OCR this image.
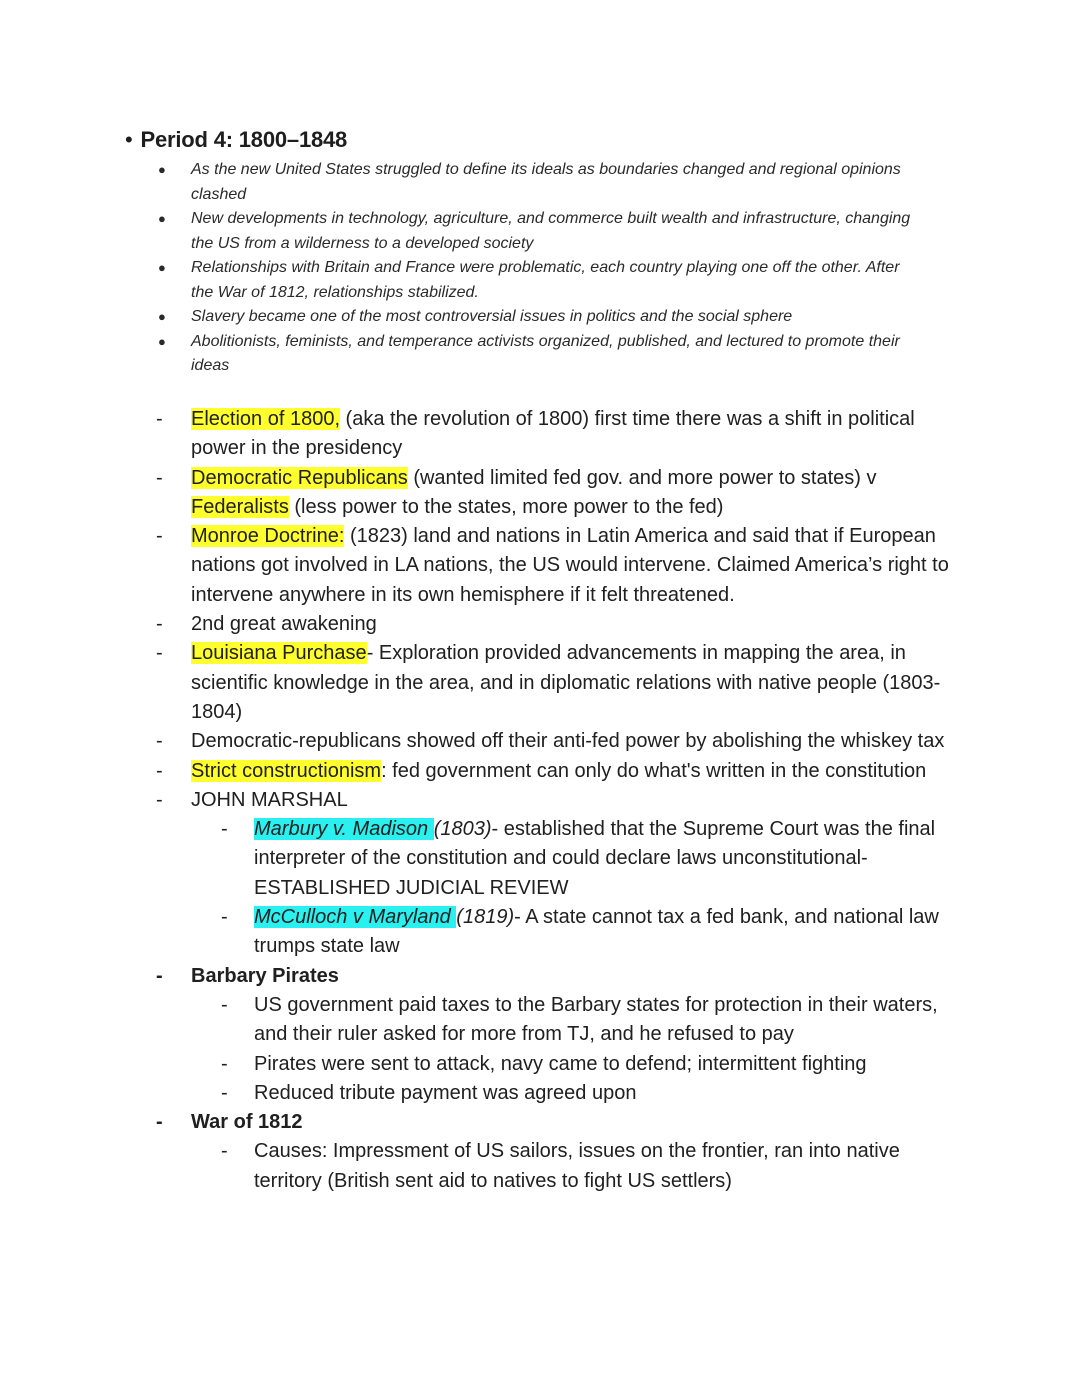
• Period 4: 1800–1848
● As the new United States struggled to define its ideals as boundaries changed and regional opinions clashed
● New developments in technology, agriculture, and commerce built wealth and infrastructure, changing the US from a wilderness to a developed society
● Relationships with Britain and France were problematic, each country playing one off the other. After the War of 1812, relationships stabilized.
● Slavery became one of the most controversial issues in politics and the social sphere
● Abolitionists, feminists, and temperance activists organized, published, and lectured to promote their ideas
- Election of 1800, (aka the revolution of 1800) first time there was a shift in political power in the presidency
- Democratic Republicans (wanted limited fed gov. and more power to states) v Federalists (less power to the states, more power to the fed)
- Monroe Doctrine: (1823) land and nations in Latin America and said that if European nations got involved in LA nations, the US would intervene. Claimed America’s right to intervene anywhere in its own hemisphere if it felt threatened.
- 2nd great awakening
- Louisiana Purchase- Exploration provided advancements in mapping the area, in scientific knowledge in the area, and in diplomatic relations with native people (1803-1804)
- Democratic-republicans showed off their anti-fed power by abolishing the whiskey tax
- Strict constructionism: fed government can only do what's written in the constitution
- JOHN MARSHAL
- Marbury v. Madison (1803)- established that the Supreme Court was the final interpreter of the constitution and could declare laws unconstitutional- ESTABLISHED JUDICIAL REVIEW
- McCulloch v Maryland (1819)- A state cannot tax a fed bank, and national law trumps state law
- Barbary Pirates
- US government paid taxes to the Barbary states for protection in their waters, and their ruler asked for more from TJ, and he refused to pay
- Pirates were sent to attack, navy came to defend; intermittent fighting
- Reduced tribute payment was agreed upon
- War of 1812
- Causes: Impressment of US sailors, issues on the frontier, ran into native territory (British sent aid to natives to fight US settlers)
